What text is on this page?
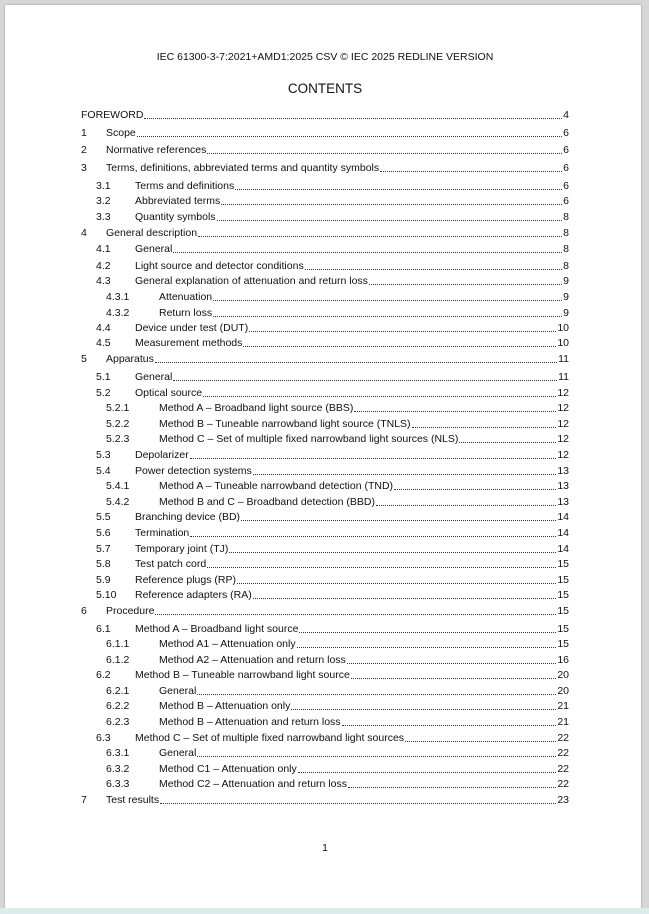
IEC 61300-3-7:2021+AMD1:2025 CSV © IEC 2025 REDLINE VERSION
CONTENTS
FOREWORD	4
1	Scope	6
2	Normative references	6
3	Terms, definitions, abbreviated terms and quantity symbols	6
3.1	Terms and definitions	6
3.2	Abbreviated terms	6
3.3	Quantity symbols	8
4	General description	8
4.1	General	8
4.2	Light source and detector conditions	8
4.3	General explanation of attenuation and return loss	9
4.3.1	Attenuation	9
4.3.2	Return loss	9
4.4	Device under test (DUT)	10
4.5	Measurement methods	10
5	Apparatus	11
5.1	General	11
5.2	Optical source	12
5.2.1	Method A – Broadband light source (BBS)	12
5.2.2	Method B – Tuneable narrowband light source (TNLS)	12
5.2.3	Method C – Set of multiple fixed narrowband light sources (NLS)	12
5.3	Depolarizer	12
5.4	Power detection systems	13
5.4.1	Method A – Tuneable narrowband detection (TND)	13
5.4.2	Method B and C – Broadband detection (BBD)	13
5.5	Branching device (BD)	14
5.6	Termination	14
5.7	Temporary joint (TJ)	14
5.8	Test patch cord	15
5.9	Reference plugs (RP)	15
5.10	Reference adapters (RA)	15
6	Procedure	15
6.1	Method A – Broadband light source	15
6.1.1	Method A1 – Attenuation only	15
6.1.2	Method A2 – Attenuation and return loss	16
6.2	Method B – Tuneable narrowband light source	20
6.2.1	General	20
6.2.2	Method B – Attenuation only	21
6.2.3	Method B – Attenuation and return loss	21
6.3	Method C – Set of multiple fixed narrowband light sources	22
6.3.1	General	22
6.3.2	Method C1 – Attenuation only	22
6.3.3	Method C2 – Attenuation and return loss	22
7	Test results	23
1
